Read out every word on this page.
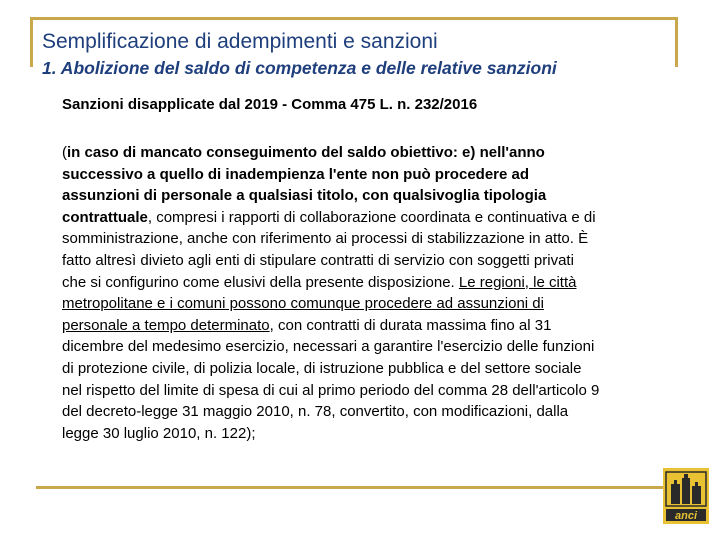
Semplificazione di adempimenti e sanzioni
1. Abolizione del saldo di competenza e delle relative sanzioni

Sanzioni disapplicate dal 2019 - Comma 475 L. n. 232/2016

(in caso di mancato conseguimento del saldo obiettivo: e) nell'anno successivo a quello di inadempienza l'ente non può procedere ad assunzioni di personale a qualsiasi titolo, con qualsivoglia tipologia contrattuale, compresi i rapporti di collaborazione coordinata e continuativa e di somministrazione, anche con riferimento ai processi di stabilizzazione in atto. È fatto altresì divieto agli enti di stipulare contratti di servizio con soggetti privati che si configurino come elusivi della presente disposizione. Le regioni, le città metropolitane e i comuni possono comunque procedere ad assunzioni di personale a tempo determinato, con contratti di durata massima fino al 31 dicembre del medesimo esercizio, necessari a garantire l'esercizio delle funzioni di protezione civile, di polizia locale, di istruzione pubblica e del settore sociale nel rispetto del limite di spesa di cui al primo periodo del comma 28 dell'articolo 9 del decreto-legge 31 maggio 2010, n. 78, convertito, con modificazioni, dalla legge 30 luglio 2010, n. 122);

anci
